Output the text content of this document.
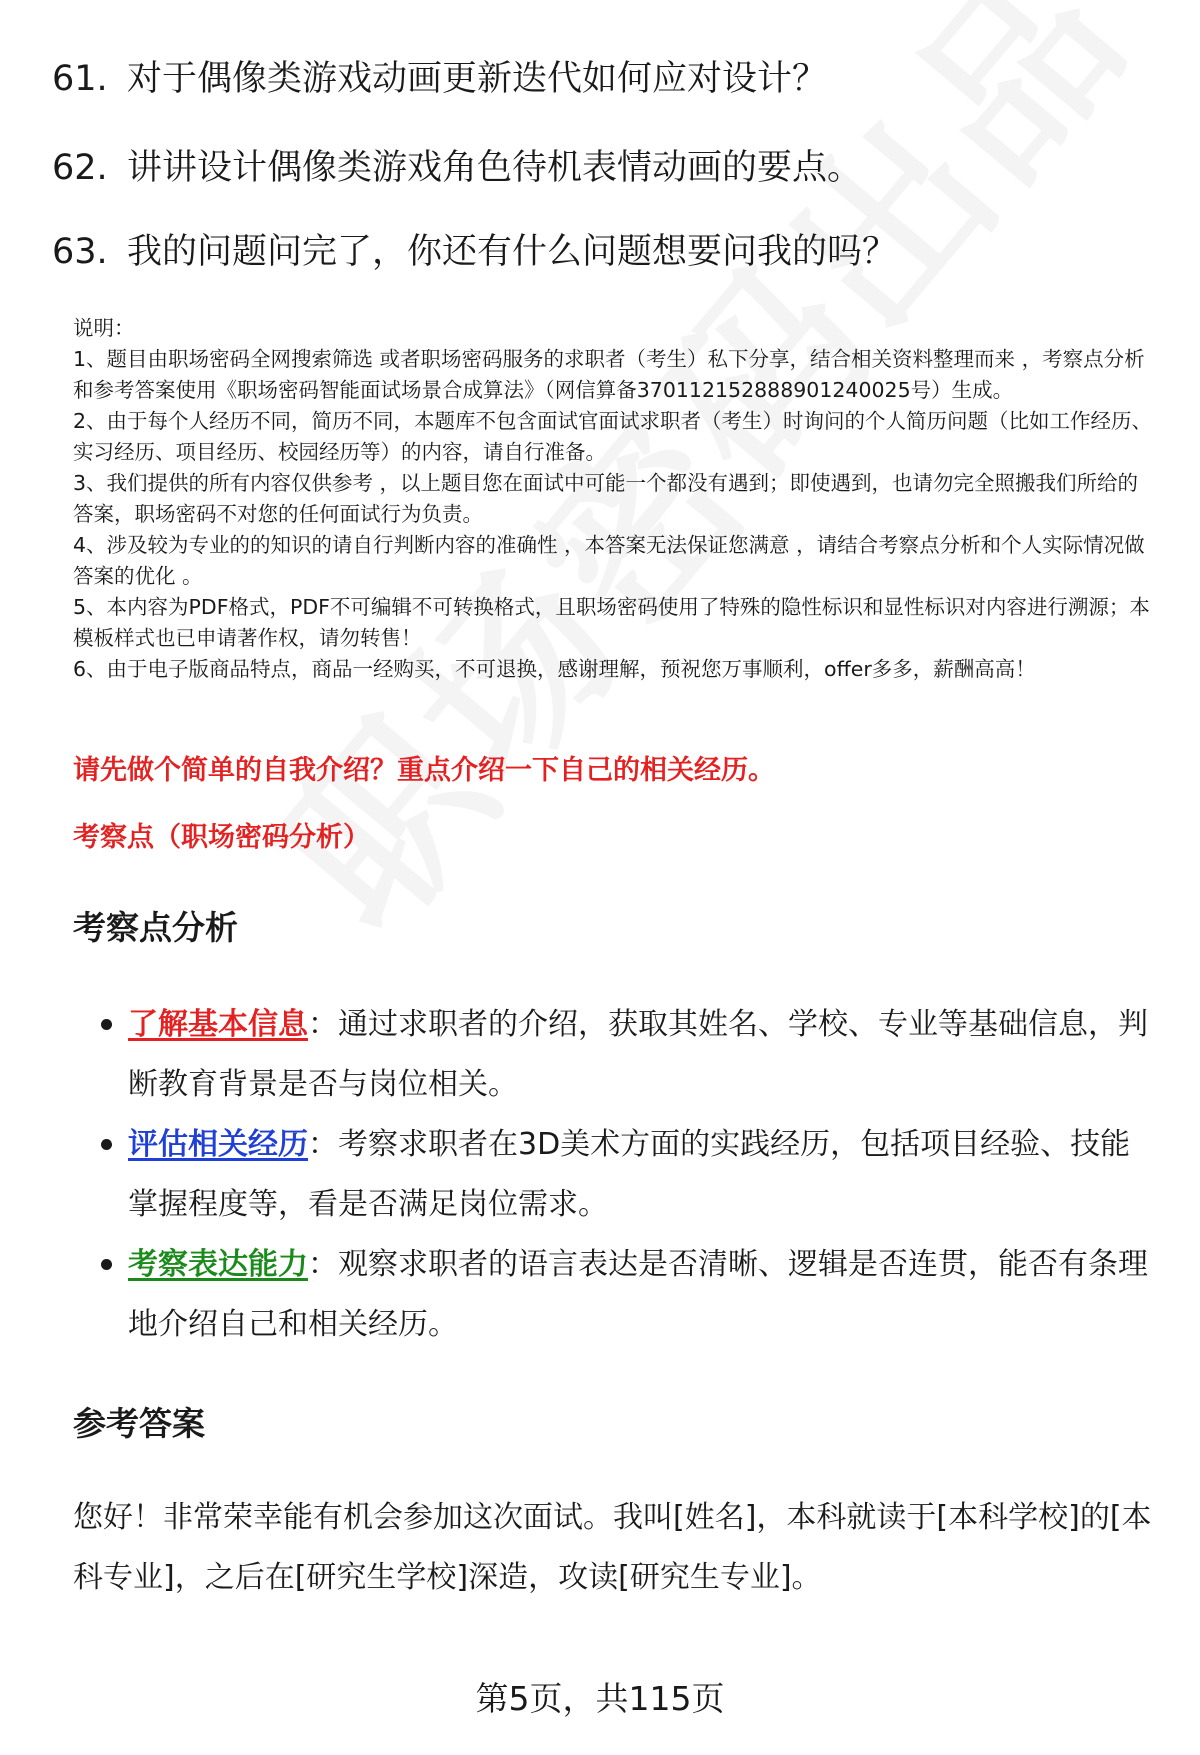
61. 对于偶像类游戏动画更新迭代如何应对设计？
62. 讲讲设计偶像类游戏角色待机表情动画的要点。
63. 我的问题问完了，你还有什么问题想要问我的吗？

说明：

1、题目由职场密码全网搜索筛选 或者职场密码服务的求职者（考生）私下分享，结合相关资料整理而来 ，考察点分析和参考答案使用《职场密码智能面试场景合成算法》（网信算备370112152888901240025号）生成。

2、由于每个人经历不同，简历不同，本题库不包含面试官面试求职者（考生）时询问的个人简历问题（比如工作经历、实习经历、项目经历、校园经历等）的内容，请自行准备。

3、我们提供的所有内容仅供参考 ，以上题目您在面试中可能一个都没有遇到；即使遇到，也请勿完全照搬我们所给的答案，职场密码不对您的任何面试行为负责。

4、涉及较为专业的的知识的请自行判断内容的准确性 ，本答案无法保证您满意 ，请结合考察点分析和个人实际情况做答案的优化 。

5、本内容为PDF格式，PDF不可编辑不可转换格式，且职场密码使用了特殊的隐性标识和显性标识对内容进行溯源；本模板样式也已申请著作权，请勿转售！

6、由于电子版商品特点，商品一经购买，不可退换，感谢理解，预祝您万事顺利，offer多多，薪酬高高！

请先做个简单的自我介绍？重点介绍一下自己的相关经历。
考察点（职场密码分析）
考察点分析
了解基本信息：通过求职者的介绍，获取其姓名、学校、专业等基础信息，判断教育背景是否与岗位相关。
评估相关经历：考察求职者在3D美术方面的实践经历，包括项目经验、技能掌握程度等，看是否满足岗位需求。
考察表达能力：观察求职者的语言表达是否清晰、逻辑是否连贯，能否有条理地介绍自己和相关经历。
参考答案
您好！非常荣幸能有机会参加这次面试。我叫[姓名]，本科就读于[本科学校]的[本科专业]，之后在[研究生学校]深造，攻读[研究生专业]。
第5页，共115页
